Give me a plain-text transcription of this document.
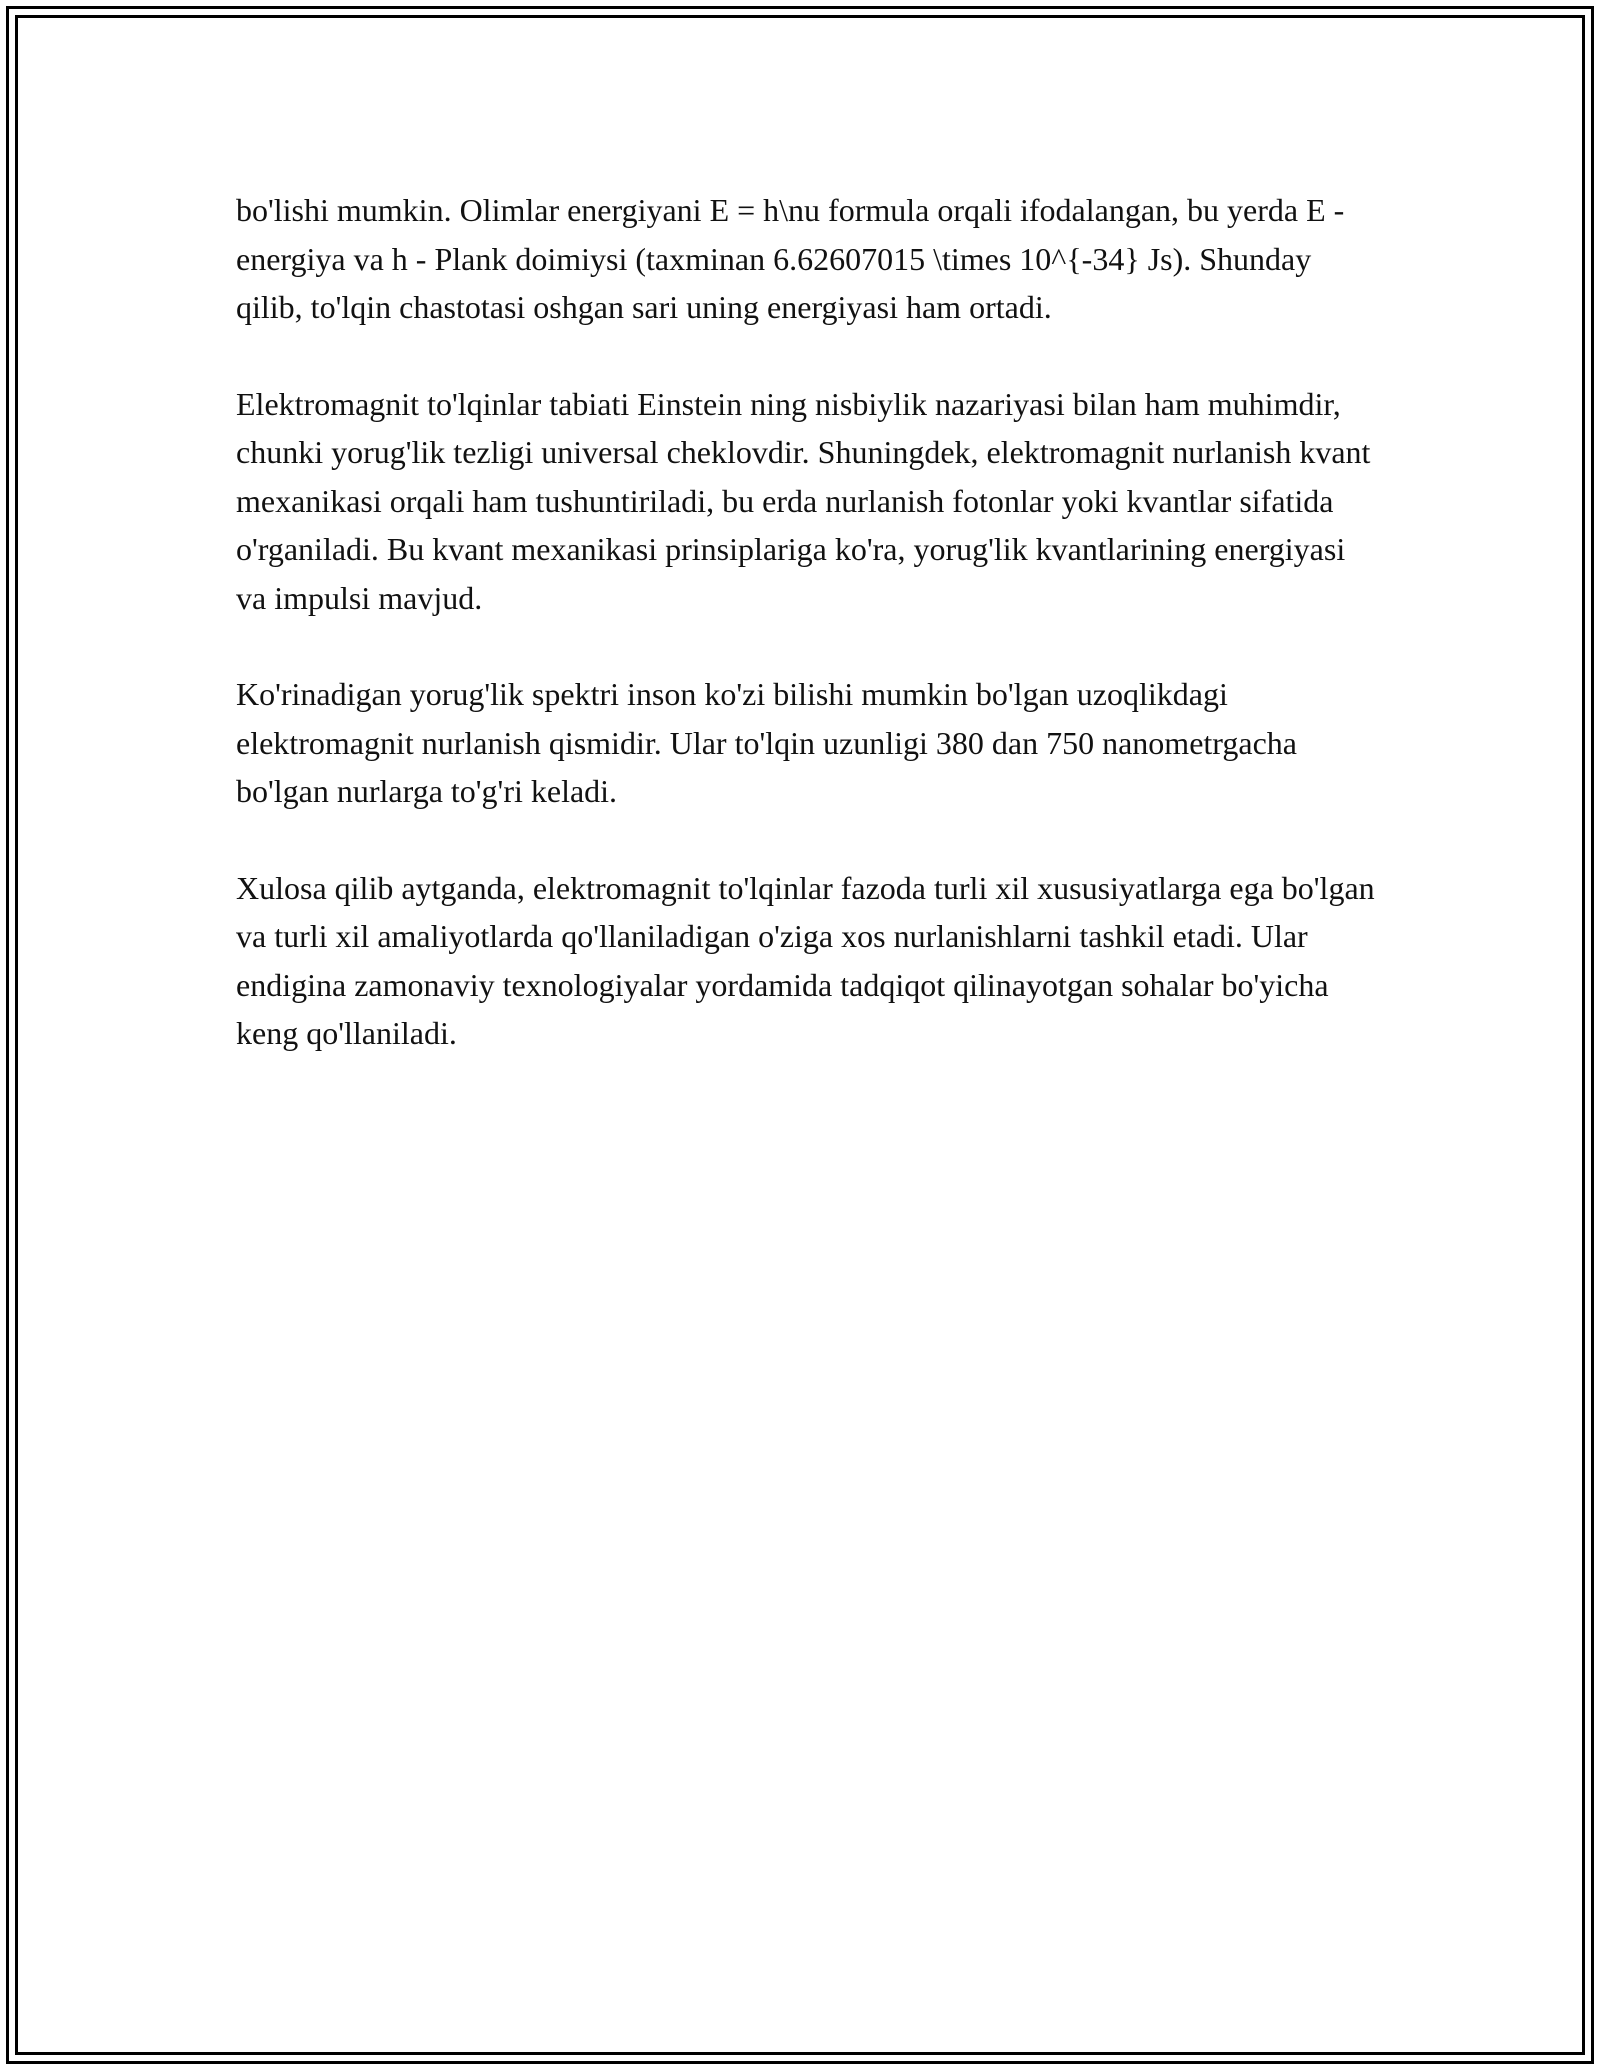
bo'lishi mumkin. Olimlar energiyani E = h\nu formula orqali ifodalangan, bu yerda E - energiya va h - Plank doimiysi (taxminan 6.62607015 \times 10^{-34} Js). Shunday qilib, to'lqin chastotasi oshgan sari uning energiyasi ham ortadi.

Elektromagnit to'lqinlar tabiati Einstein ning nisbiylik nazariyasi bilan ham muhimdir, chunki yorug'lik tezligi universal cheklovdir. Shuningdek, elektromagnit nurlanish kvant mexanikasi orqali ham tushuntiriladi, bu erda nurlanish fotonlar yoki kvantlar sifatida o'rganiladi. Bu kvant mexanikasi prinsiplariga ko'ra, yorug'lik kvantlarining energiyasi va impulsi mavjud.

Ko'rinadigan yorug'lik spektri inson ko'zi bilishi mumkin bo'lgan uzoqlikdagi elektromagnit nurlanish qismidir. Ular to'lqin uzunligi 380 dan 750 nanometrgacha bo'lgan nurlarga to'g'ri keladi.

Xulosa qilib aytganda, elektromagnit to'lqinlar fazoda turli xil xususiyatlarga ega bo'lgan va turli xil amaliyotlarda qo'llaniladigan o'ziga xos nurlanishlarni tashkil etadi. Ular endigina zamonaviy texnologiyalar yordamida tadqiqot qilinayotgan sohalar bo'yicha keng qo'llaniladi.
